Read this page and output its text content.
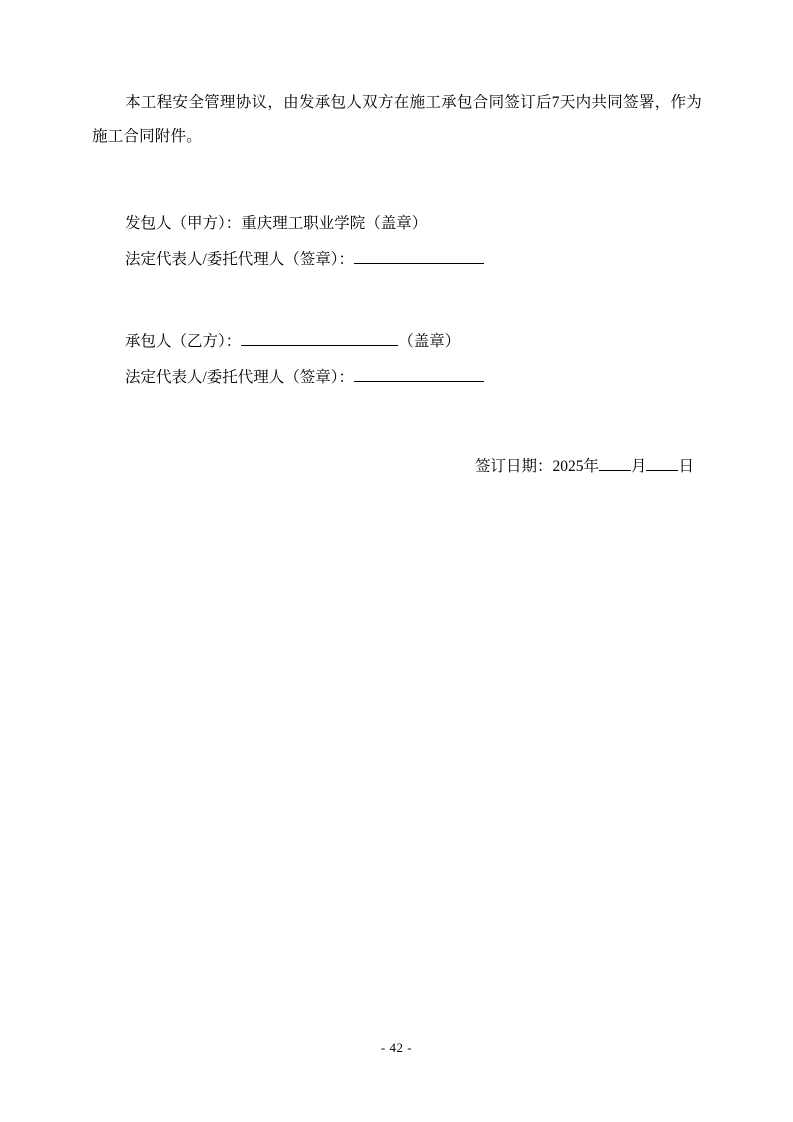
本工程安全管理协议，由发承包人双方在施工承包合同签订后7天内共同签署，作为施工合同附件。
发包人（甲方）：重庆理工职业学院（盖章）
法定代表人/委托代理人（签章）：
承包人（乙方）：	（盖章）
法定代表人/委托代理人（签章）：
签订日期：2025年 月 日
- 42 -
